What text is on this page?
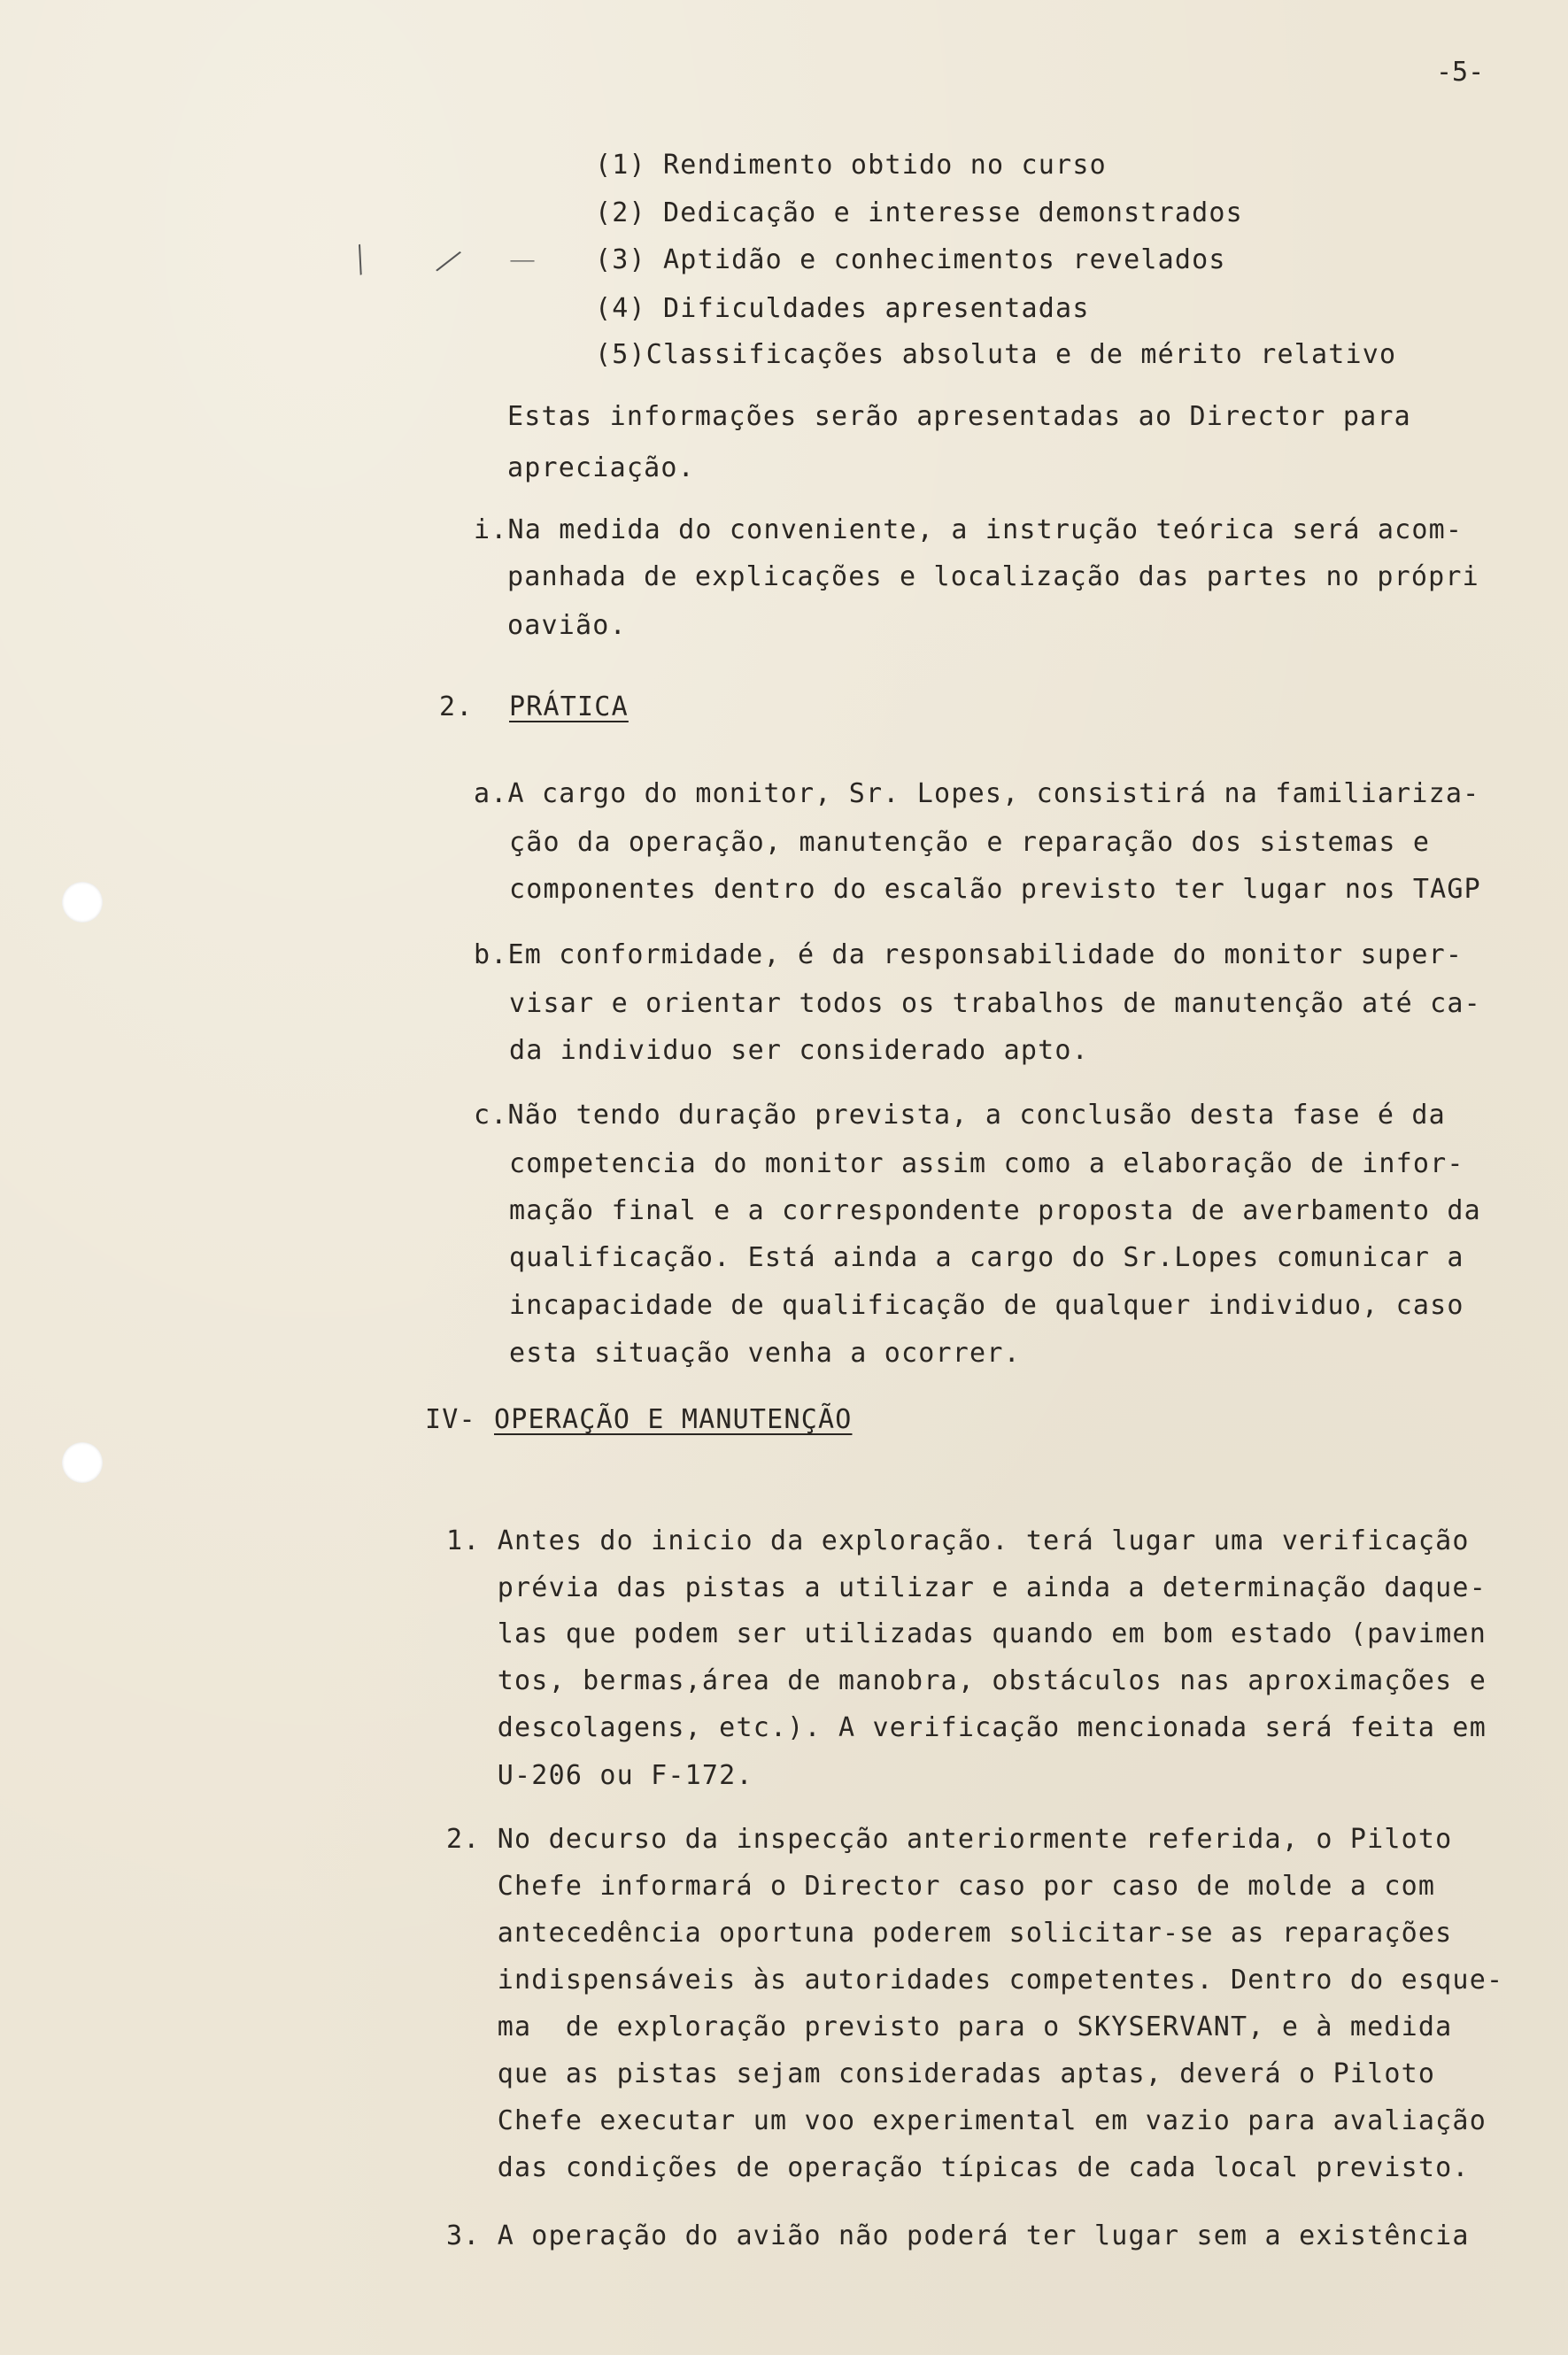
-5-
/ / —
(1) Rendimento obtido no curso
(2) Dedicação e interesse demonstrados
(3) Aptidão e conhecimentos revelados
(4) Dificuldades apresentadas
(5)Classificações absoluta e de mérito relativo
Estas informações serão apresentadas ao Director para
apreciação.
i.Na medida do conveniente, a instrução teórica será acom-
panhada de explicações e localização das partes no própri
oavião.
2. PRÁTICA
a.A cargo do monitor, Sr. Lopes, consistirá na familiariza-
ção da operação, manutenção e reparação dos sistemas e
componentes dentro do escalão previsto ter lugar nos TAGP
b.Em conformidade, é da responsabilidade do monitor super-
visar e orientar todos os trabalhos de manutenção até ca-
da individuo ser considerado apto.
c.Não tendo duração prevista, a conclusão desta fase é da
competencia do monitor assim como a elaboração de infor-
mação final e a correspondente proposta de averbamento da
qualificação. Está ainda a cargo do Sr.Lopes comunicar a
incapacidade de qualificação de qualquer individuo, caso
esta situação venha a ocorrer.
IV- OPERAÇÃO E MANUTENÇÃO
1. Antes do inicio da exploração. terá lugar uma verificação
prévia das pistas a utilizar e ainda a determinação daque-
las que podem ser utilizadas quando em bom estado (pavimen
tos, bermas,área de manobra, obstáculos nas aproximações e
descolagens, etc.). A verificação mencionada será feita em
U-206 ou F-172.
2. No decurso da inspecção anteriormente referida, o Piloto
Chefe informará o Director caso por caso de molde a com
antecedência oportuna poderem solicitar-se as reparações
indispensáveis às autoridades competentes. Dentro do esque-
ma  de exploração previsto para o SKYSERVANT, e à medida
que as pistas sejam consideradas aptas, deverá o Piloto
Chefe executar um voo experimental em vazio para avaliação
das condições de operação típicas de cada local previsto.
3. A operação do avião não poderá ter lugar sem a existência
